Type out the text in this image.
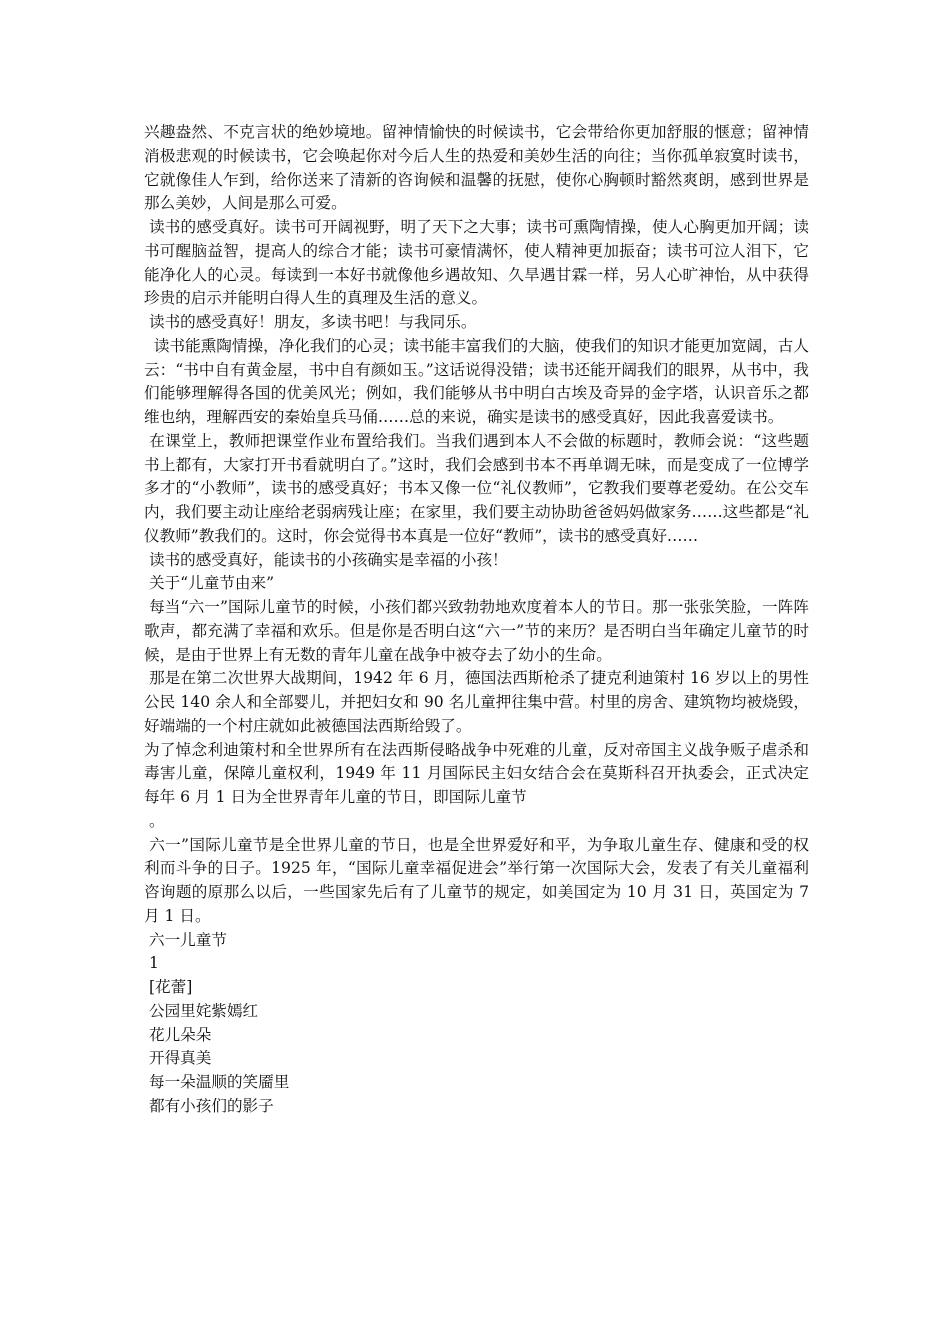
兴趣盎然、不克言状的绝妙境地。留神情愉快的时候读书，它会带给你更加舒服的惬意；留神情消极悲观的时候读书，它会唤起你对今后人生的热爱和美妙生活的向往；当你孤单寂寞时读书，它就像佳人乍到，给你送来了清新的咨询候和温馨的抚慰，使你心胸顿时豁然爽朗，感到世界是那么美妙，人间是那么可爱。

读书的感受真好。读书可开阔视野，明了天下之大事；读书可熏陶情操，使人心胸更加开阔；读书可醒脑益智，提高人的综合才能；读书可豪情满怀，使人精神更加振奋；读书可泣人泪下，它能净化人的心灵。每读到一本好书就像他乡遇故知、久旱遇甘霖一样，另人心旷神怡，从中获得珍贵的启示并能明白得人生的真理及生活的意义。

读书的感受真好！朋友，多读书吧！与我同乐。

读书能熏陶情操，净化我们的心灵；读书能丰富我们的大脑，使我们的知识才能更加宽阔，古人云：“书中自有黄金屋，书中自有颜如玉。”这话说得没错；读书还能开阔我们的眼界，从书中，我们能够理解得各国的优美风光；例如，我们能够从书中明白古埃及奇异的金字塔，认识音乐之都维也纳，理解西安的秦始皇兵马俑……总的来说，确实是读书的感受真好，因此我喜爱读书。

在课堂上，教师把课堂作业布置给我们。当我们遇到本人不会做的标题时，教师会说：“这些题书上都有，大家打开书看就明白了。”这时，我们会感到书本不再单调无味，而是变成了一位博学多才的“小教师”，读书的感受真好；书本又像一位“礼仪教师”，它教我们要尊老爱幼。在公交车内，我们要主动让座给老弱病残让座；在家里，我们要主动协助爸爸妈妈做家务……这些都是“礼仪教师”教我们的。这时，你会觉得书本真是一位好“教师”，读书的感受真好……

读书的感受真好，能读书的小孩确实是幸福的小孩！

关于“儿童节由来”

每当“六一”国际儿童节的时候，小孩们都兴致勃勃地欢度着本人的节日。那一张张笑脸，一阵阵歌声，都充满了幸福和欢乐。但是你是否明白这“六一”节的来历？是否明白当年确定儿童节的时候，是由于世界上有无数的青年儿童在战争中被夺去了幼小的生命。

那是在第二次世界大战期间，1942 年 6 月，德国法西斯枪杀了捷克利迪策村 16 岁以上的男性公民 140 余人和全部婴儿，并把妇女和 90 名儿童押往集中营。村里的房舍、建筑物均被烧毁，好端端的一个村庄就如此被德国法西斯给毁了。

为了悼念利迪策村和全世界所有在法西斯侵略战争中死难的儿童，反对帝国主义战争贩子虐杀和毒害儿童，保障儿童权利，1949 年 11 月国际民主妇女结合会在莫斯科召开执委会，正式决定每年 6 月 1 日为全世界青年儿童的节日，即国际儿童节

。

六一”国际儿童节是全世界儿童的节日，也是全世界爱好和平，为争取儿童生存、健康和受的权利而斗争的日子。1925 年，“国际儿童幸福促进会”举行第一次国际大会，发表了有关儿童福利咨询题的原那么以后，一些国家先后有了儿童节的规定，如美国定为 10 月 31 日，英国定为 7 月 1 日。

六一儿童节

1

[花蕾]

公园里姹紫嫣红

花儿朵朵

开得真美

每一朵温顺的笑靥里

都有小孩们的影子
